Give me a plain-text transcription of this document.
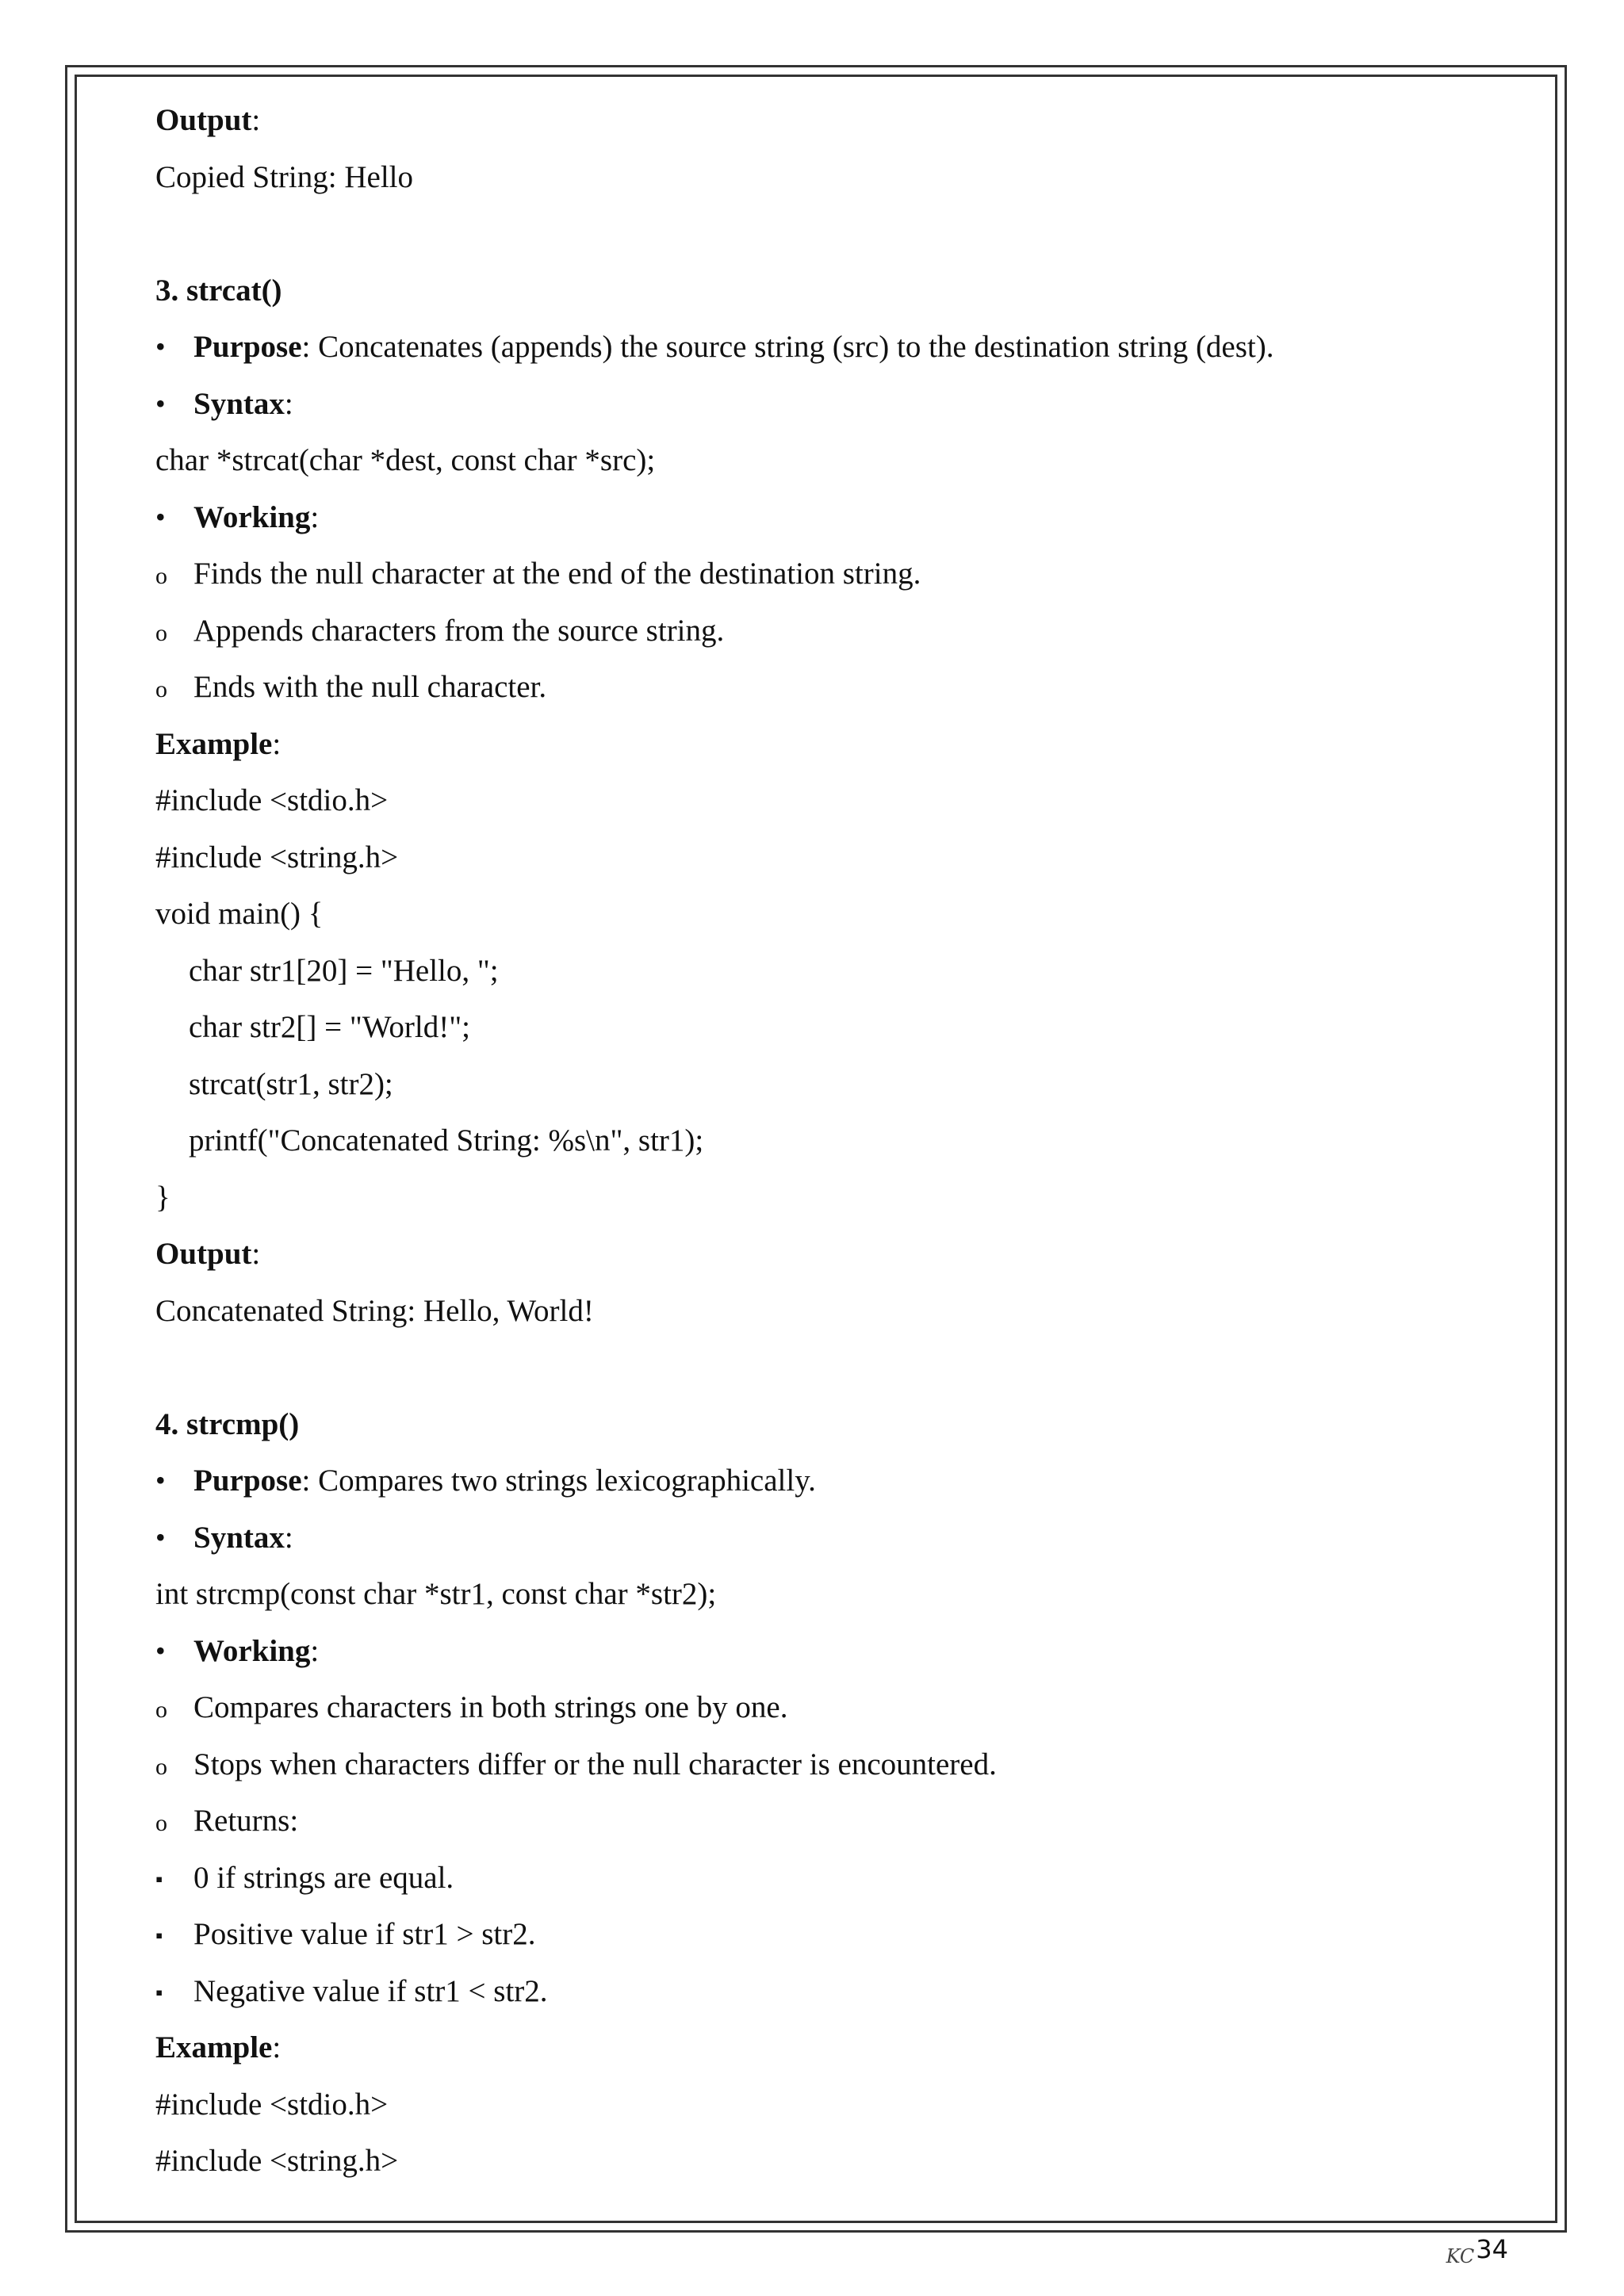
Output:
Copied String: Hello
3. strcat()
• Purpose: Concatenates (appends) the source string (src) to the destination string (dest).
• Syntax:
char *strcat(char *dest, const char *src);
• Working:
o Finds the null character at the end of the destination string.
o Appends characters from the source string.
o Ends with the null character.
Example:
#include <stdio.h>
#include <string.h>
void main() {
char str1[20] = "Hello, ";
char str2[] = "World!";
strcat(str1, str2);
printf("Concatenated String: %s\n", str1);
}
Output:
Concatenated String: Hello, World!
4. strcmp()
• Purpose: Compares two strings lexicographically.
• Syntax:
int strcmp(const char *str1, const char *str2);
• Working:
o Compares characters in both strings one by one.
o Stops when characters differ or the null character is encountered.
o Returns:
▪ 0 if strings are equal.
▪ Positive value if str1 > str2.
▪ Negative value if str1 < str2.
Example:
#include <stdio.h>
#include <string.h>
KC34
